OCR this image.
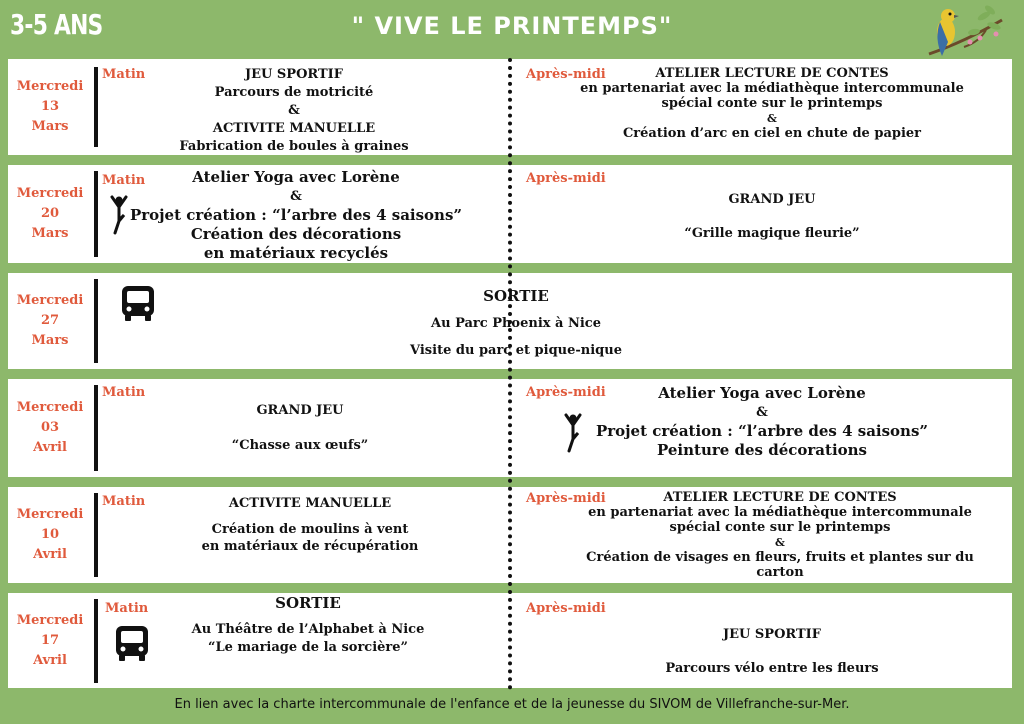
3-5 ANS	" VIVE LE PRINTEMPS"
Mercredi
13
Mars
Matin	JEU SPORTIF
Parcours de motricité
&
ACTIVITE MANUELLE
Fabrication de boules à graines
Après-midi	ATELIER LECTURE DE CONTES
en partenariat avec la médiathèque intercommunale
spécial conte sur le printemps
&
Création d’arc en ciel en chute de papier
Mercredi
20
Mars
Matin	Atelier Yoga avec Lorène
&
Projet création : “l’arbre des 4 saisons”
Création des décorations
en matériaux recyclés
Après-midi
GRAND JEU
“Grille magique fleurie”
Mercredi
27
Mars
SORTIE
Au Parc Phoenix à Nice
Visite du parc et pique-nique
Mercredi
03
Avril
Matin
GRAND JEU
“Chasse aux œufs”
Après-midi	Atelier Yoga avec Lorène
&
Projet création : “l’arbre des 4 saisons”
Peinture des décorations
Mercredi
10
Avril
Matin	ACTIVITE MANUELLE
Création de moulins à vent
en matériaux de récupération
Après-midi	ATELIER LECTURE DE CONTES
en partenariat avec la médiathèque intercommunale
spécial conte sur le printemps
&
Création de visages en fleurs, fruits et plantes sur du
carton
Mercredi
17
Avril
Matin	SORTIE
Au Théâtre de l’Alphabet à Nice
“Le mariage de la sorcière”
Après-midi
JEU SPORTIF
Parcours vélo entre les fleurs
En lien avec la charte intercommunale de l'enfance et de la jeunesse du SIVOM de Villefranche-sur-Mer.
